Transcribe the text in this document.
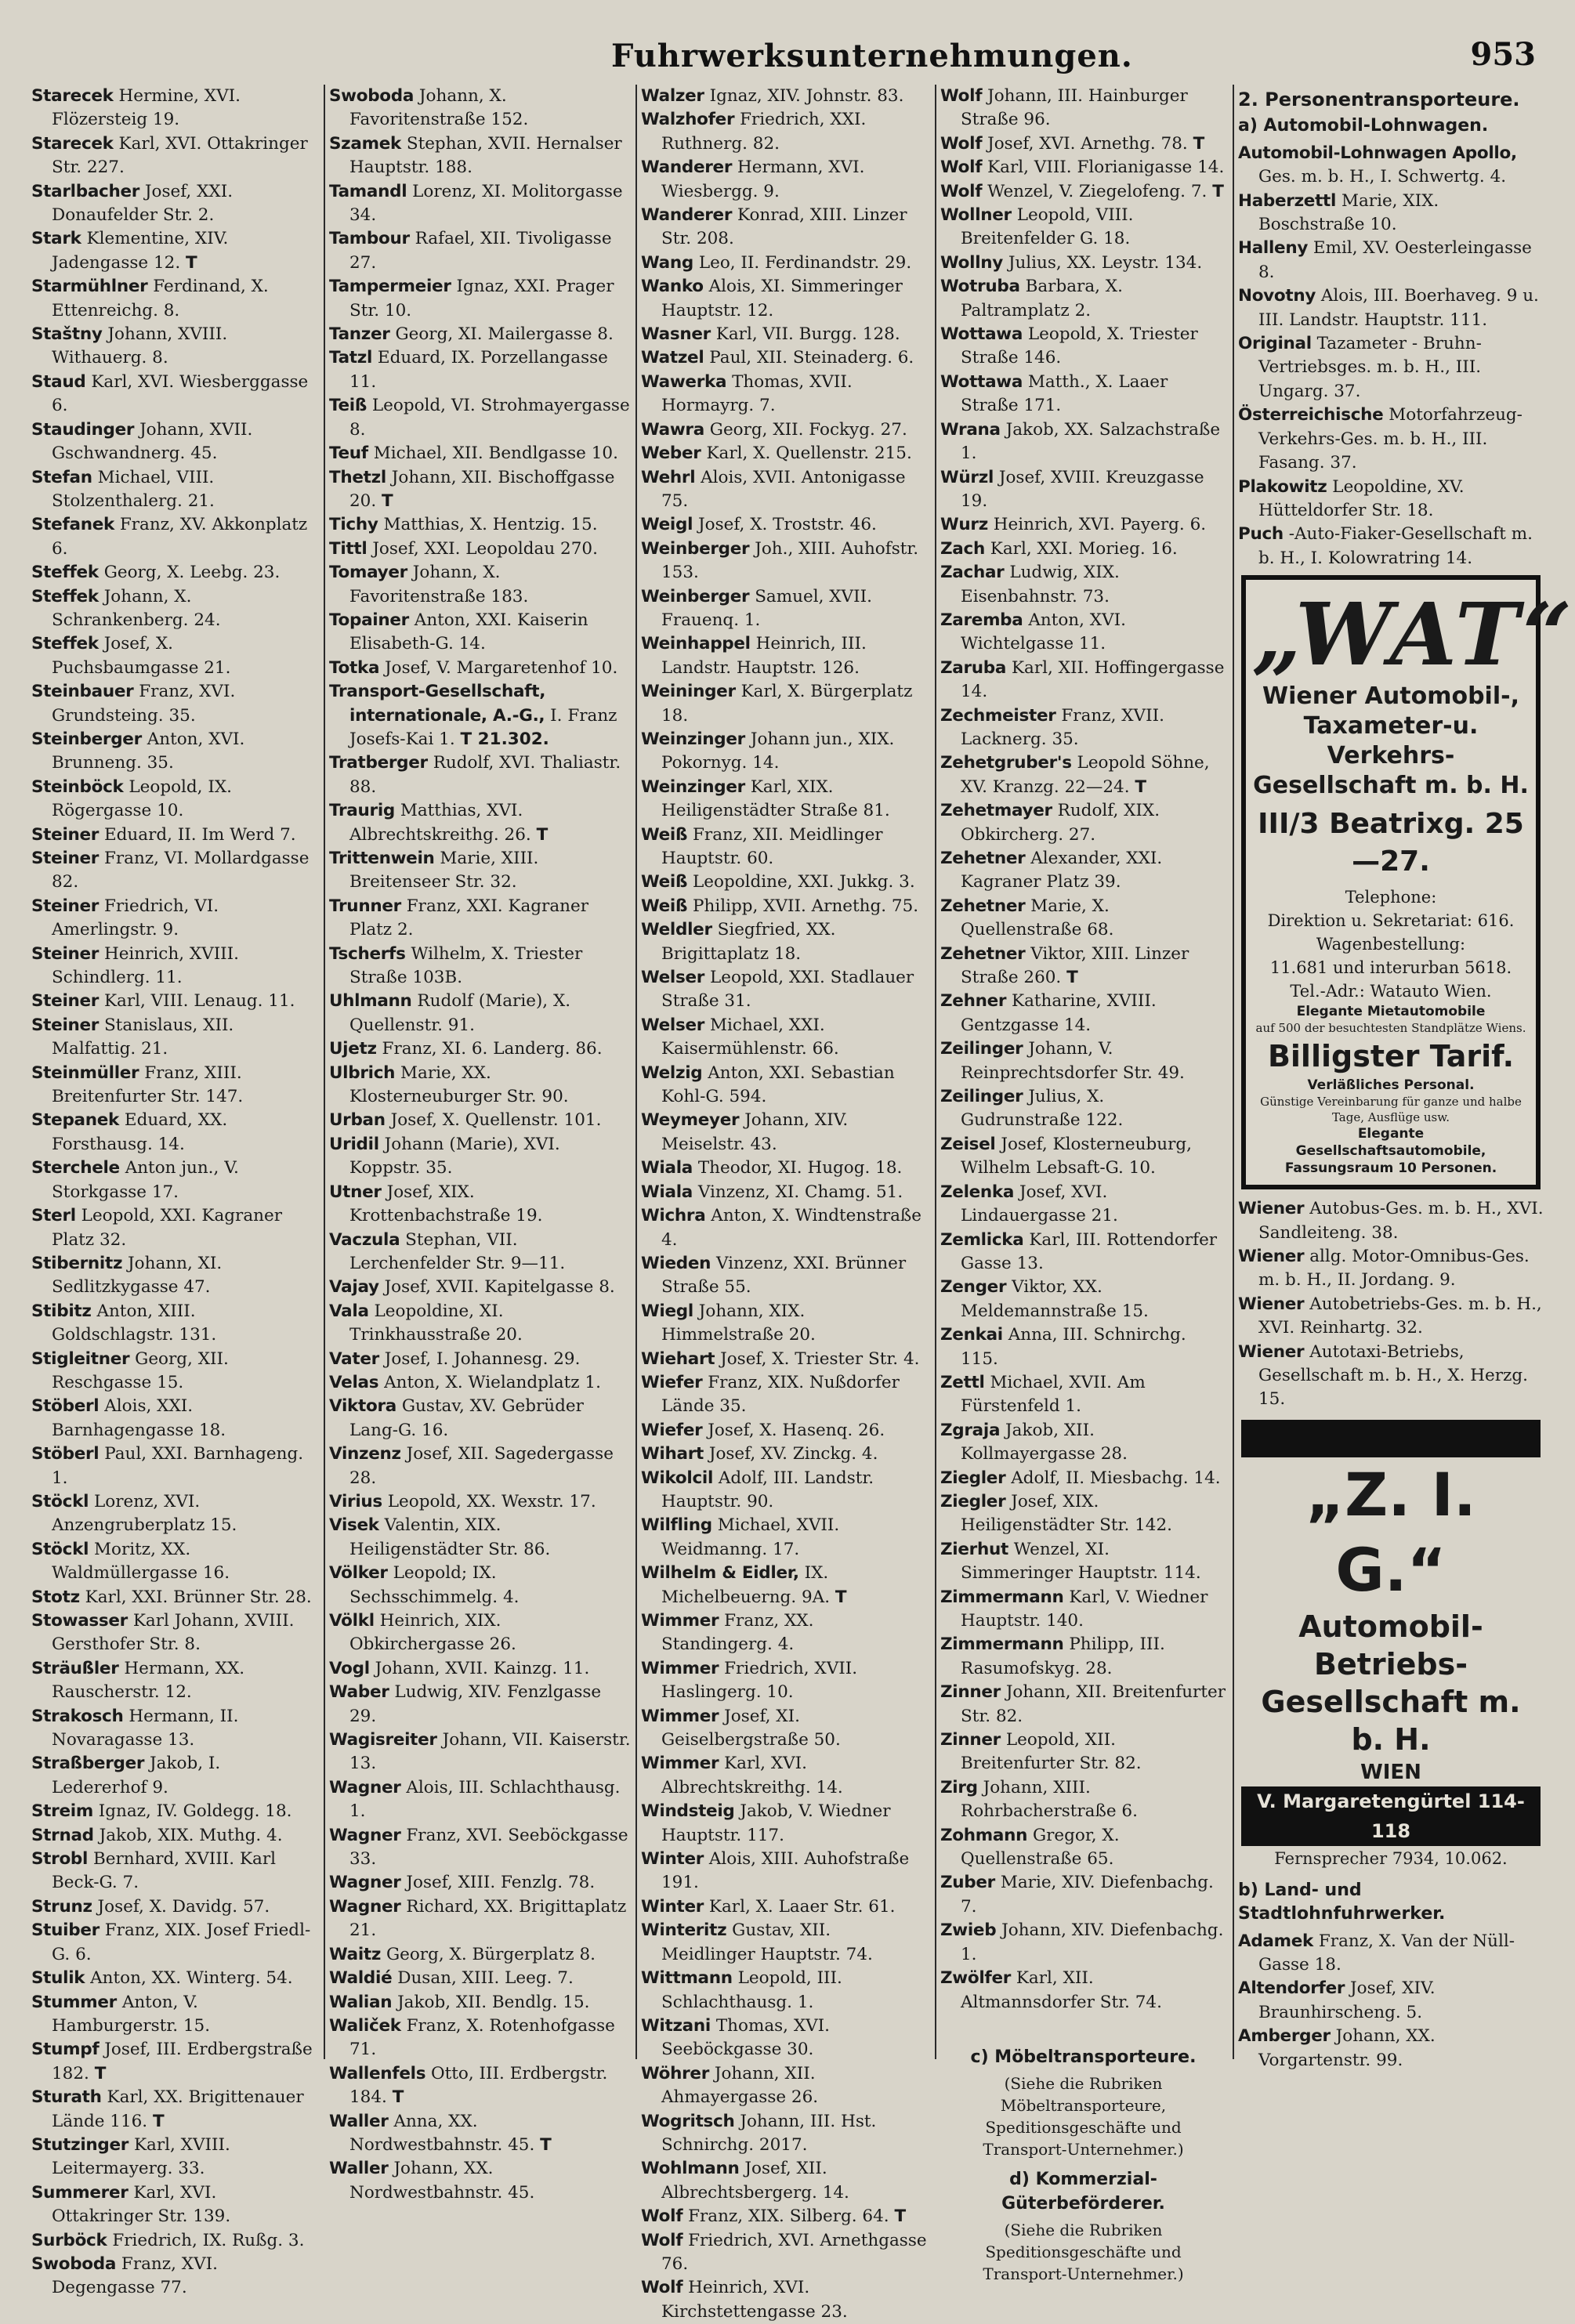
Fuhrwerksunternehmungen.	953

Starecek Hermine, XVI. Flözersteig 19.

Starecek Karl, XVI. Ottakringer Str. 227.

Starlbacher Josef, XXI. Donaufelder Str. 2.

Stark Klementine, XIV. Jadengasse 12. T

Starmühlner Ferdinand, X. Ettenreichg. 8.

Staštny Johann, XVIII. Withauerg. 8.

Staud Karl, XVI. Wiesberggasse 6.

Staudinger Johann, XVII. Gschwandnerg. 45.

Stefan Michael, VIII. Stolzenthalerg. 21.

Stefanek Franz, XV. Akkonplatz 6.

Steffek Georg, X. Leebg. 23.

Steffek Johann, X. Schrankenberg. 24.

Steffek Josef, X. Puchsbaumgasse 21.

Steinbauer Franz, XVI. Grundsteing. 35.

Steinberger Anton, XVI. Brunneng. 35.

Steinböck Leopold, IX. Rögergasse 10.

Steiner Eduard, II. Im Werd 7.

Steiner Franz, VI. Mollardgasse 82.

Steiner Friedrich, VI. Amerlingstr. 9.

Steiner Heinrich, XVIII. Schindlerg. 11.

Steiner Karl, VIII. Lenaug. 11.

Steiner Stanislaus, XII. Malfattig. 21.

Steinmüller Franz, XIII. Breitenfurter Str. 147.

Stepanek Eduard, XX. Forsthausg. 14.

Sterchele Anton jun., V. Storkgasse 17.

Sterl Leopold, XXI. Kagraner Platz 32.

Stibernitz Johann, XI. Sedlitzkygasse 47.

Stibitz Anton, XIII. Goldschlagstr. 131.

Stigleitner Georg, XII. Reschgasse 15.

Stöberl Alois, XXI. Barnhagengasse 18.

Stöberl Paul, XXI. Barnhageng. 1.

Stöckl Lorenz, XVI. Anzengruberplatz 15.

Stöckl Moritz, XX. Waldmüllergasse 16.

Stotz Karl, XXI. Brünner Str. 28.

Stowasser Karl Johann, XVIII. Gersthofer Str. 8.

Sträußler Hermann, XX. Rauscherstr. 12.

Strakosch Hermann, II. Novaragasse 13.

Straßberger Jakob, I. Ledererhof 9.

Streim Ignaz, IV. Goldegg. 18.

Strnad Jakob, XIX. Muthg. 4.

Strobl Bernhard, XVIII. Karl Beck-G. 7.

Strunz Josef, X. Davidg. 57.

Stuiber Franz, XIX. Josef Friedl-G. 6.

Stulik Anton, XX. Winterg. 54.

Stummer Anton, V. Hamburgerstr. 15.

Stumpf Josef, III. Erdbergstraße 182. T

Sturath Karl, XX. Brigittenauer Lände 116. T

Stutzinger Karl, XVIII. Leitermayerg. 33.

Summerer Karl, XVI. Ottakringer Str. 139.

Surböck Friedrich, IX. Rußg. 3.

Swoboda Franz, XVI. Degengasse 77.

Swoboda Johann, X. Favoritenstraße 152.

Szamek Stephan, XVII. Hernalser Hauptstr. 188.

Tamandl Lorenz, XI. Molitorgasse 34.

Tambour Rafael, XII. Tivoligasse 27.

Tampermeier Ignaz, XXI. Prager Str. 10.

Tanzer Georg, XI. Mailergasse 8.

Tatzl Eduard, IX. Porzellangasse 11.

Teiß Leopold, VI. Strohmayergasse 8.

Teuf Michael, XII. Bendlgasse 10.

Thetzl Johann, XII. Bischoffgasse 20. T

Tichy Matthias, X. Hentzig. 15.

Tittl Josef, XXI. Leopoldau 270.

Tomayer Johann, X. Favoritenstraße 183.

Topainer Anton, XXI. Kaiserin Elisabeth-G. 14.

Totka Josef, V. Margaretenhof 10.

Transport-Gesellschaft, internationale, A.-G., I. Franz Josefs-Kai 1. T 21.302.

Tratberger Rudolf, XVI. Thaliastr. 88.

Traurig Matthias, XVI. Albrechtskreithg. 26. T

Trittenwein Marie, XIII. Breitenseer Str. 32.

Trunner Franz, XXI. Kagraner Platz 2.

Tscherfs Wilhelm, X. Triester Straße 103B.

Uhlmann Rudolf (Marie), X. Quellenstr. 91.

Ujetz Franz, XI. 6. Landerg. 86.

Ulbrich Marie, XX. Klosterneuburger Str. 90.

Urban Josef, X. Quellenstr. 101.

Uridil Johann (Marie), XVI. Koppstr. 35.

Utner Josef, XIX. Krottenbachstraße 19.

Vaczula Stephan, VII. Lerchenfelder Str. 9—11.

Vajay Josef, XVII. Kapitelgasse 8.

Vala Leopoldine, XI. Trinkhausstraße 20.

Vater Josef, I. Johannesg. 29.

Velas Anton, X. Wielandplatz 1.

Viktora Gustav, XV. Gebrüder Lang-G. 16.

Vinzenz Josef, XII. Sagedergasse 28.

Virius Leopold, XX. Wexstr. 17.

Visek Valentin, XIX. Heiligenstädter Str. 86.

Völker Leopold; IX. Sechsschimmelg. 4.

Völkl Heinrich, XIX. Obkirchergasse 26.

Vogl Johann, XVII. Kainzg. 11.

Waber Ludwig, XIV. Fenzlgasse 29.

Wagisreiter Johann, VII. Kaiserstr. 13.

Wagner Alois, III. Schlachthausg. 1.

Wagner Franz, XVI. Seeböckgasse 33.

Wagner Josef, XIII. Fenzlg. 78.

Wagner Richard, XX. Brigittaplatz 21.

Waitz Georg, X. Bürgerplatz 8.

Waldié Dusan, XIII. Leeg. 7.

Walian Jakob, XII. Bendlg. 15.

Waliček Franz, X. Rotenhofgasse 71.

Wallenfels Otto, III. Erdbergstr. 184. T

Waller Anna, XX. Nordwestbahnstr. 45. T

Waller Johann, XX. Nordwestbahnstr. 45.

Walzer Ignaz, XIV. Johnstr. 83.

Walzhofer Friedrich, XXI. Ruthnerg. 82.

Wanderer Hermann, XVI. Wiesbergg. 9.

Wanderer Konrad, XIII. Linzer Str. 208.

Wang Leo, II. Ferdinandstr. 29.

Wanko Alois, XI. Simmeringer Hauptstr. 12.

Wasner Karl, VII. Burgg. 128.

Watzel Paul, XII. Steinaderg. 6.

Wawerka Thomas, XVII. Hormayrg. 7.

Wawra Georg, XII. Fockyg. 27.

Weber Karl, X. Quellenstr. 215.

Wehrl Alois, XVII. Antonigasse 75.

Weigl Josef, X. Troststr. 46.

Weinberger Joh., XIII. Auhofstr. 153.

Weinberger Samuel, XVII. Frauenq. 1.

Weinhappel Heinrich, III. Landstr. Hauptstr. 126.

Weininger Karl, X. Bürgerplatz 18.

Weinzinger Johann jun., XIX. Pokornyg. 14.

Weinzinger Karl, XIX. Heiligenstädter Straße 81.

Weiß Franz, XII. Meidlinger Hauptstr. 60.

Weiß Leopoldine, XXI. Jukkg. 3.

Weiß Philipp, XVII. Arnethg. 75.

Weldler Siegfried, XX. Brigittaplatz 18.

Welser Leopold, XXI. Stadlauer Straße 31.

Welser Michael, XXI. Kaisermühlenstr. 66.

Welzig Anton, XXI. Sebastian Kohl-G. 594.

Weymeyer Johann, XIV. Meiselstr. 43.

Wiala Theodor, XI. Hugog. 18.

Wiala Vinzenz, XI. Chamg. 51.

Wichra Anton, X. Windtenstraße 4.

Wieden Vinzenz, XXI. Brünner Straße 55.

Wiegl Johann, XIX. Himmelstraße 20.

Wiehart Josef, X. Triester Str. 4.

Wiefer Franz, XIX. Nußdorfer Lände 35.

Wiefer Josef, X. Hasenq. 26.

Wihart Josef, XV. Zinckg. 4.

Wikolcil Adolf, III. Landstr. Hauptstr. 90.

Wilfling Michael, XVII. Weidmanng. 17.

Wilhelm & Eidler, IX. Michelbeuerng. 9A. T

Wimmer Franz, XX. Standingerg. 4.

Wimmer Friedrich, XVII. Haslingerg. 10.

Wimmer Josef, XI. Geiselbergstraße 50.

Wimmer Karl, XVI. Albrechtskreithg. 14.

Windsteig Jakob, V. Wiedner Hauptstr. 117.

Winter Alois, XIII. Auhofstraße 191.

Winter Karl, X. Laaer Str. 61.

Winteritz Gustav, XII. Meidlinger Hauptstr. 74.

Wittmann Leopold, III. Schlachthausg. 1.

Witzani Thomas, XVI. Seeböckgasse 30.

Wöhrer Johann, XII. Ahmayergasse 26.

Wogritsch Johann, III. Hst. Schnirchg. 2017.

Wohlmann Josef, XII. Albrechtsbergerg. 14.

Wolf Franz, XIX. Silberg. 64. T

Wolf Friedrich, XVI. Arnethgasse 76.

Wolf Heinrich, XVI. Kirchstettengasse 23.

Wolf Johann, III. Hainburger Straße 96.

Wolf Josef, XVI. Arnethg. 78. T

Wolf Karl, VIII. Florianigasse 14.

Wolf Wenzel, V. Ziegelofeng. 7. T

Wollner Leopold, VIII. Breitenfelder G. 18.

Wollny Julius, XX. Leystr. 134.

Wotruba Barbara, X. Paltramplatz 2.

Wottawa Leopold, X. Triester Straße 146.

Wottawa Matth., X. Laaer Straße 171.

Wrana Jakob, XX. Salzachstraße 1.

Würzl Josef, XVIII. Kreuzgasse 19.

Wurz Heinrich, XVI. Payerg. 6.

Zach Karl, XXI. Morieg. 16.

Zachar Ludwig, XIX. Eisenbahnstr. 73.

Zaremba Anton, XVI. Wichtelgasse 11.

Zaruba Karl, XII. Hoffingergasse 14.

Zechmeister Franz, XVII. Lacknerg. 35.

Zehetgruber's Leopold Söhne, XV. Kranzg. 22—24. T

Zehetmayer Rudolf, XIX. Obkircherg. 27.

Zehetner Alexander, XXI. Kagraner Platz 39.

Zehetner Marie, X. Quellenstraße 68.

Zehetner Viktor, XIII. Linzer Straße 260. T

Zehner Katharine, XVIII. Gentzgasse 14.

Zeilinger Johann, V. Reinprechtsdorfer Str. 49.

Zeilinger Julius, X. Gudrunstraße 122.

Zeisel Josef, Klosterneuburg, Wilhelm Lebsaft-G. 10.

Zelenka Josef, XVI. Lindauergasse 21.

Zemlicka Karl, III. Rottendorfer Gasse 13.

Zenger Viktor, XX. Meldemannstraße 15.

Zenkai Anna, III. Schnirchg. 115.

Zettl Michael, XVII. Am Fürstenfeld 1.

Zgraja Jakob, XII. Kollmayergasse 28.

Ziegler Adolf, II. Miesbachg. 14.

Ziegler Josef, XIX. Heiligenstädter Str. 142.

Zierhut Wenzel, XI. Simmeringer Hauptstr. 114.

Zimmermann Karl, V. Wiedner Hauptstr. 140.

Zimmermann Philipp, III. Rasumofskyg. 28.

Zinner Johann, XII. Breitenfurter Str. 82.

Zinner Leopold, XII. Breitenfurter Str. 82.

Zirg Johann, XIII. Rohrbacherstraße 6.

Zohmann Gregor, X. Quellenstraße 65.

Zuber Marie, XIV. Diefenbachg. 7.

Zwieb Johann, XIV. Diefenbachg. 1.

Zwölfer Karl, XII. Altmannsdorfer Str. 74.

c) Möbeltransporteure.
(Siehe die Rubriken Möbeltransporteure, Speditionsgeschäfte und Transport-Unternehmer.)
d) Kommerzial-Güterbeförderer.
(Siehe die Rubriken Speditionsgeschäfte und Transport-Unternehmer.)
2. Personentransporteure.
a) Automobil-Lohnwagen.

Automobil-Lohnwagen Apollo, Ges. m. b. H., I. Schwertg. 4.

Haberzettl Marie, XIX. Boschstraße 10.

Halleny Emil, XV. Oesterleingasse 8.

Novotny Alois, III. Boerhaveg. 9 u. III. Landstr. Hauptstr. 111.

Original Tazameter - Bruhn-Vertriebsges. m. b. H., III. Ungarg. 37.

Österreichische Motorfahrzeug-Verkehrs-Ges. m. b. H., III. Fasang. 37.

Plakowitz Leopoldine, XV. Hütteldorfer Str. 18.

Puch -Auto-Fiaker-Gesellschaft m. b. H., I. Kolowratring 14.

„WAT“
Wiener Automobil-,
Taxameter-u. Verkehrs-
Gesellschaft m. b. H.
III/3 Beatrixg. 25—27.
Telephone:
Direktion u. Sekretariat: 616.
Wagenbestellung:
11.681 und interurban 5618.
Tel.-Adr.: Watauto Wien.
Elegante Mietautomobile
auf 500 der besuchtesten Standplätze Wiens.
Billigster Tarif.
Verläßliches Personal.
Günstige Vereinbarung für ganze und halbe Tage, Ausflüge usw.
Elegante
Gesellschaftsautomobile,
Fassungsraum 10 Personen.

Wiener Autobus-Ges. m. b. H., XVI. Sandleiteng. 38.

Wiener allg. Motor-Omnibus-Ges. m. b. H., II. Jordang. 9.

Wiener Autobetriebs-Ges. m. b. H., XVI. Reinhartg. 32.

Wiener Autotaxi-Betriebs, Gesellschaft m. b. H., X. Herzg. 15.

„Z. I. G.“
Automobil-Betriebs-
Gesellschaft m. b. H.
WIEN
V. Margaretengürtel 114-118
Fernsprecher 7934, 10.062.
b) Land- und Stadtlohnfuhrwerker.

Adamek Franz, X. Van der Nüll-Gasse 18.

Altendorfer Josef, XIV. Braunhirscheng. 5.

Amberger Johann, XX. Vorgartenstr. 99.
